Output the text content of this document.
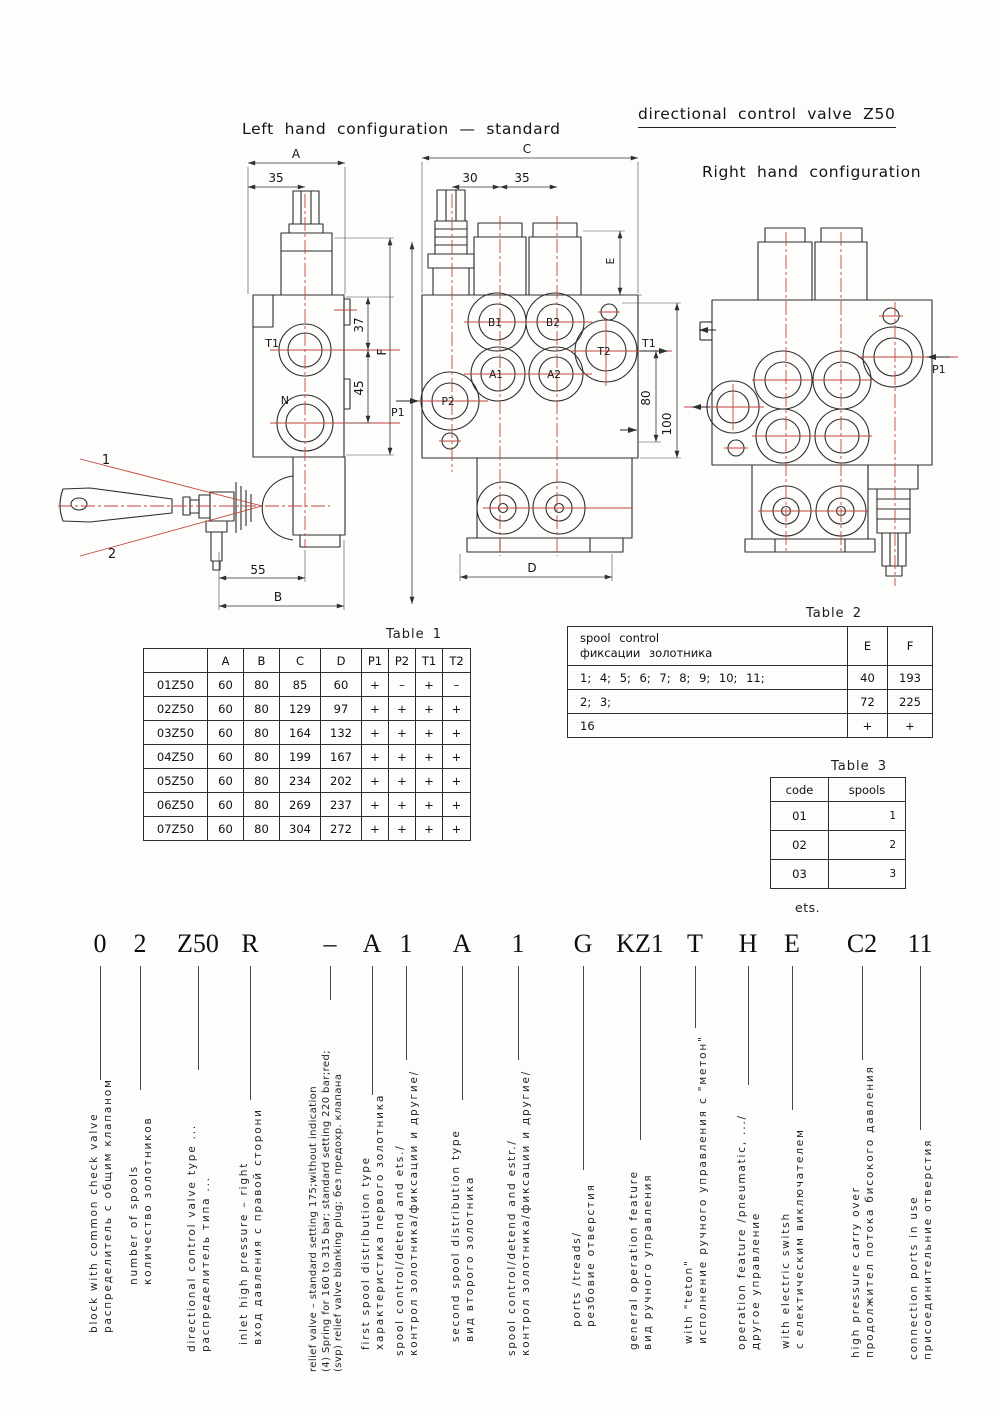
Left hand configuration — standard
directional control valve Z50
Right hand configuration
A
35
T1
N
37
F
45
1
2
55
B
C
30	35
E
B1	B2
A1	A2
P2
T2
T1
P1
80
100
D
P1
Table 1
	A	B	C	D	P1	P2	T1	T2
01Z50	60	80	85	60	+	–	+	–
02Z50	60	80	129	97	+	+	+	+
03Z50	60	80	164	132	+	+	+	+
04Z50	60	80	199	167	+	+	+	+
05Z50	60	80	234	202	+	+	+	+
06Z50	60	80	269	237	+	+	+	+
07Z50	60	80	304	272	+	+	+	+
Table 2
spool control
фиксации золотника	E	F
1; 4; 5; 6; 7; 8; 9; 10; 11;	40	193
2; 3;	72	225
16	+	+
Table 3
code	spools
01	1
02	2
03	3
ets.
0 2 Z50 R – A 1 A 1 G KZ1 T H E C2 11
block with common check valve распределитель с общим клапаном number of spools количество золотников	directional control valve type ... распределитель типа ...	inlet high pressure – right вход давления с правой сторони	relief valve – standard setting 175;without indication (4) Spring for 160 to 315 bar; standard setting 220 bar;red; (svp) relief valve blanking plug; без предохр. клапана first spool distribution type характеристика первого золотника spool control/detend and ets./ контрол золотника/фиксации и другие/	second spool distribution type вид второго золотника	spool control/detend and estr./ контрол золотника/фиксации и другие/	ports /treads/ резбовие отверстия	general operation feature вид ручного управления	with "teton" исполнение ручного управления с "метон"	operation feature /pneumatic, .../ другое управление with electric switsh с електическим виключателем	high pressure carry over продолжител потока бисокого давления	connection ports in use присоединительние отверстия
